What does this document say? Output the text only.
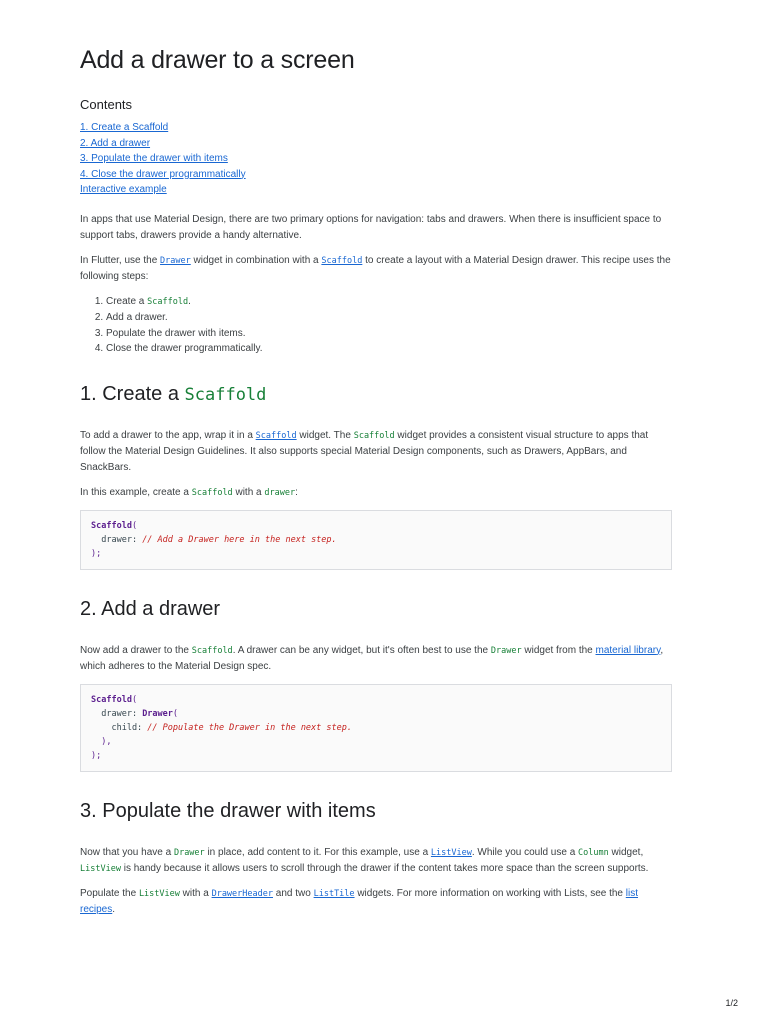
Add a drawer to a screen
Contents
1. Create a Scaffold
2. Add a drawer
3. Populate the drawer with items
4. Close the drawer programmatically
Interactive example

In apps that use Material Design, there are two primary options for navigation: tabs and drawers. When there is insufficient space to support tabs, drawers provide a handy alternative.

In Flutter, use the Drawer widget in combination with a Scaffold to create a layout with a Material Design drawer. This recipe uses the following steps:

1. Create a Scaffold.
2. Add a drawer.
3. Populate the drawer with items.
4. Close the drawer programmatically.
1. Create a Scaffold

To add a drawer to the app, wrap it in a Scaffold widget. The Scaffold widget provides a consistent visual structure to apps that follow the Material Design Guidelines. It also supports special Material Design components, such as Drawers, AppBars, and SnackBars.

In this example, create a Scaffold with a drawer:

Scaffold(
drawer: // Add a Drawer here in the next step.
);
2. Add a drawer

Now add a drawer to the Scaffold. A drawer can be any widget, but it's often best to use the Drawer widget from the material library, which adheres to the Material Design spec.

Scaffold(
drawer: Drawer(
child: // Populate the Drawer in the next step.
),
);
3. Populate the drawer with items

Now that you have a Drawer in place, add content to it. For this example, use a ListView. While you could use a Column widget, ListView is handy because it allows users to scroll through the drawer if the content takes more space than the screen supports.

Populate the ListView with a DrawerHeader and two ListTile widgets. For more information on working with Lists, see the list recipes.

1/2
